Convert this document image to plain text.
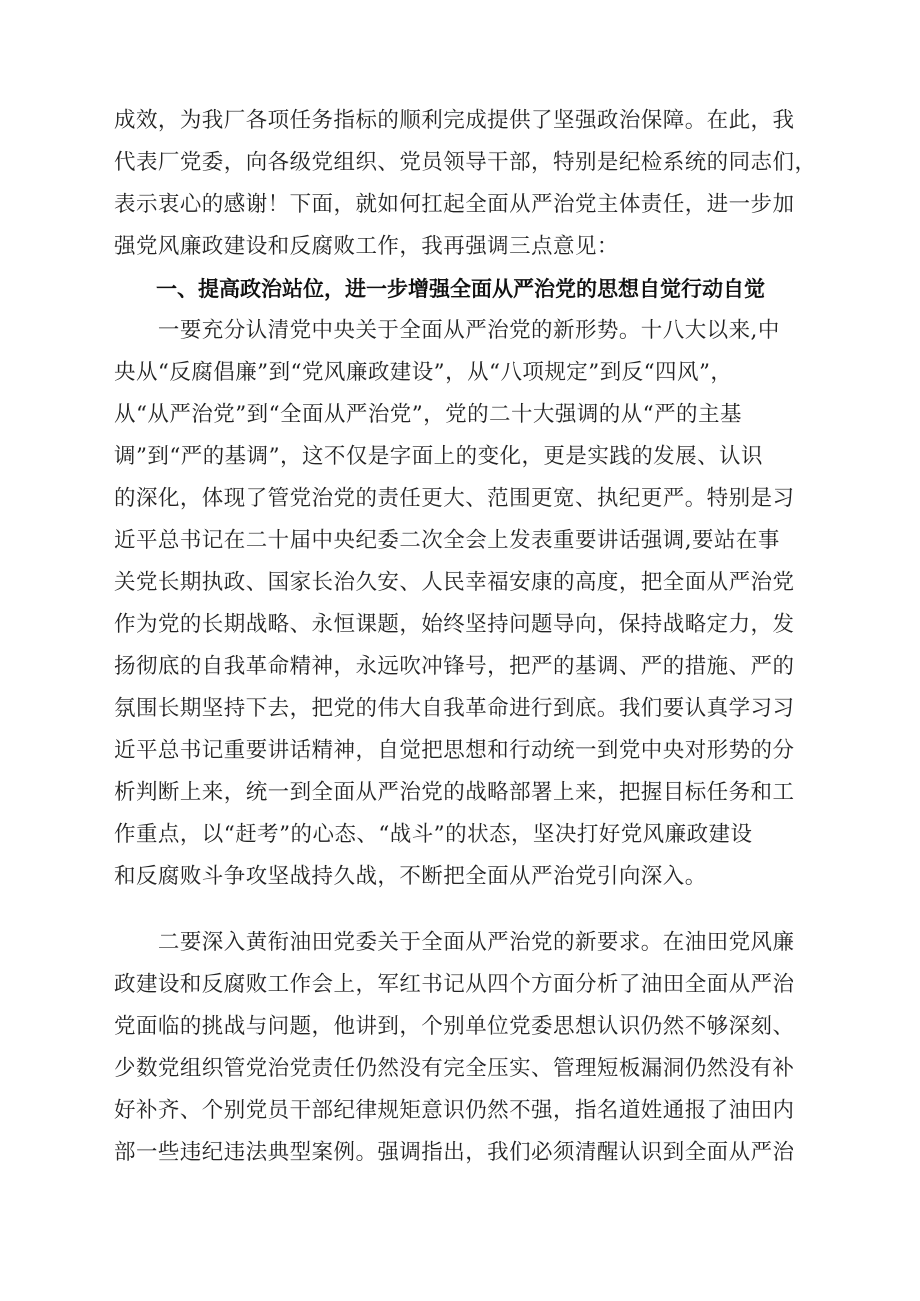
成效，为我厂各项任务指标的顺利完成提供了坚强政治保障。在此，我
代表厂党委，向各级党组织、党员领导干部，特别是纪检系统的同志们，
表示衷心的感谢！下面，就如何扛起全面从严治党主体责任，进一步加
强党风廉政建设和反腐败工作，我再强调三点意见：
　　一、提高政治站位，进一步增强全面从严治党的思想自觉行动自觉
　　一要充分认清党中央关于全面从严治党的新形势。十八大以来,中
央从“反腐倡廉”到“党风廉政建设”，从“八项规定”到反“四风”，
从“从严治党”到“全面从严治党”，党的二十大强调的从“严的主基
调”到“严的基调”，这不仅是字面上的变化，更是实践的发展、认识
的深化，体现了管党治党的责任更大、范围更宽、执纪更严。特别是习
近平总书记在二十届中央纪委二次全会上发表重要讲话强调,要站在事
关党长期执政、国家长治久安、人民幸福安康的高度，把全面从严治党
作为党的长期战略、永恒课题，始终坚持问题导向，保持战略定力，发
扬彻底的自我革命精神，永远吹冲锋号，把严的基调、严的措施、严的
氛围长期坚持下去，把党的伟大自我革命进行到底。我们要认真学习习
近平总书记重要讲话精神，自觉把思想和行动统一到党中央对形势的分
析判断上来，统一到全面从严治党的战略部署上来，把握目标任务和工
作重点，以“赶考”的心态、“战斗”的状态，坚决打好党风廉政建设
和反腐败斗争攻坚战持久战，不断把全面从严治党引向深入。
　　二要深入黄衔油田党委关于全面从严治党的新要求。在油田党风廉
政建设和反腐败工作会上，军红书记从四个方面分析了油田全面从严治
党面临的挑战与问题，他讲到，个别单位党委思想认识仍然不够深刻、
少数党组织管党治党责任仍然没有完全压实、管理短板漏洞仍然没有补
好补齐、个别党员干部纪律规矩意识仍然不强，指名道姓通报了油田内
部一些违纪违法典型案例。强调指出，我们必须清醒认识到全面从严治
